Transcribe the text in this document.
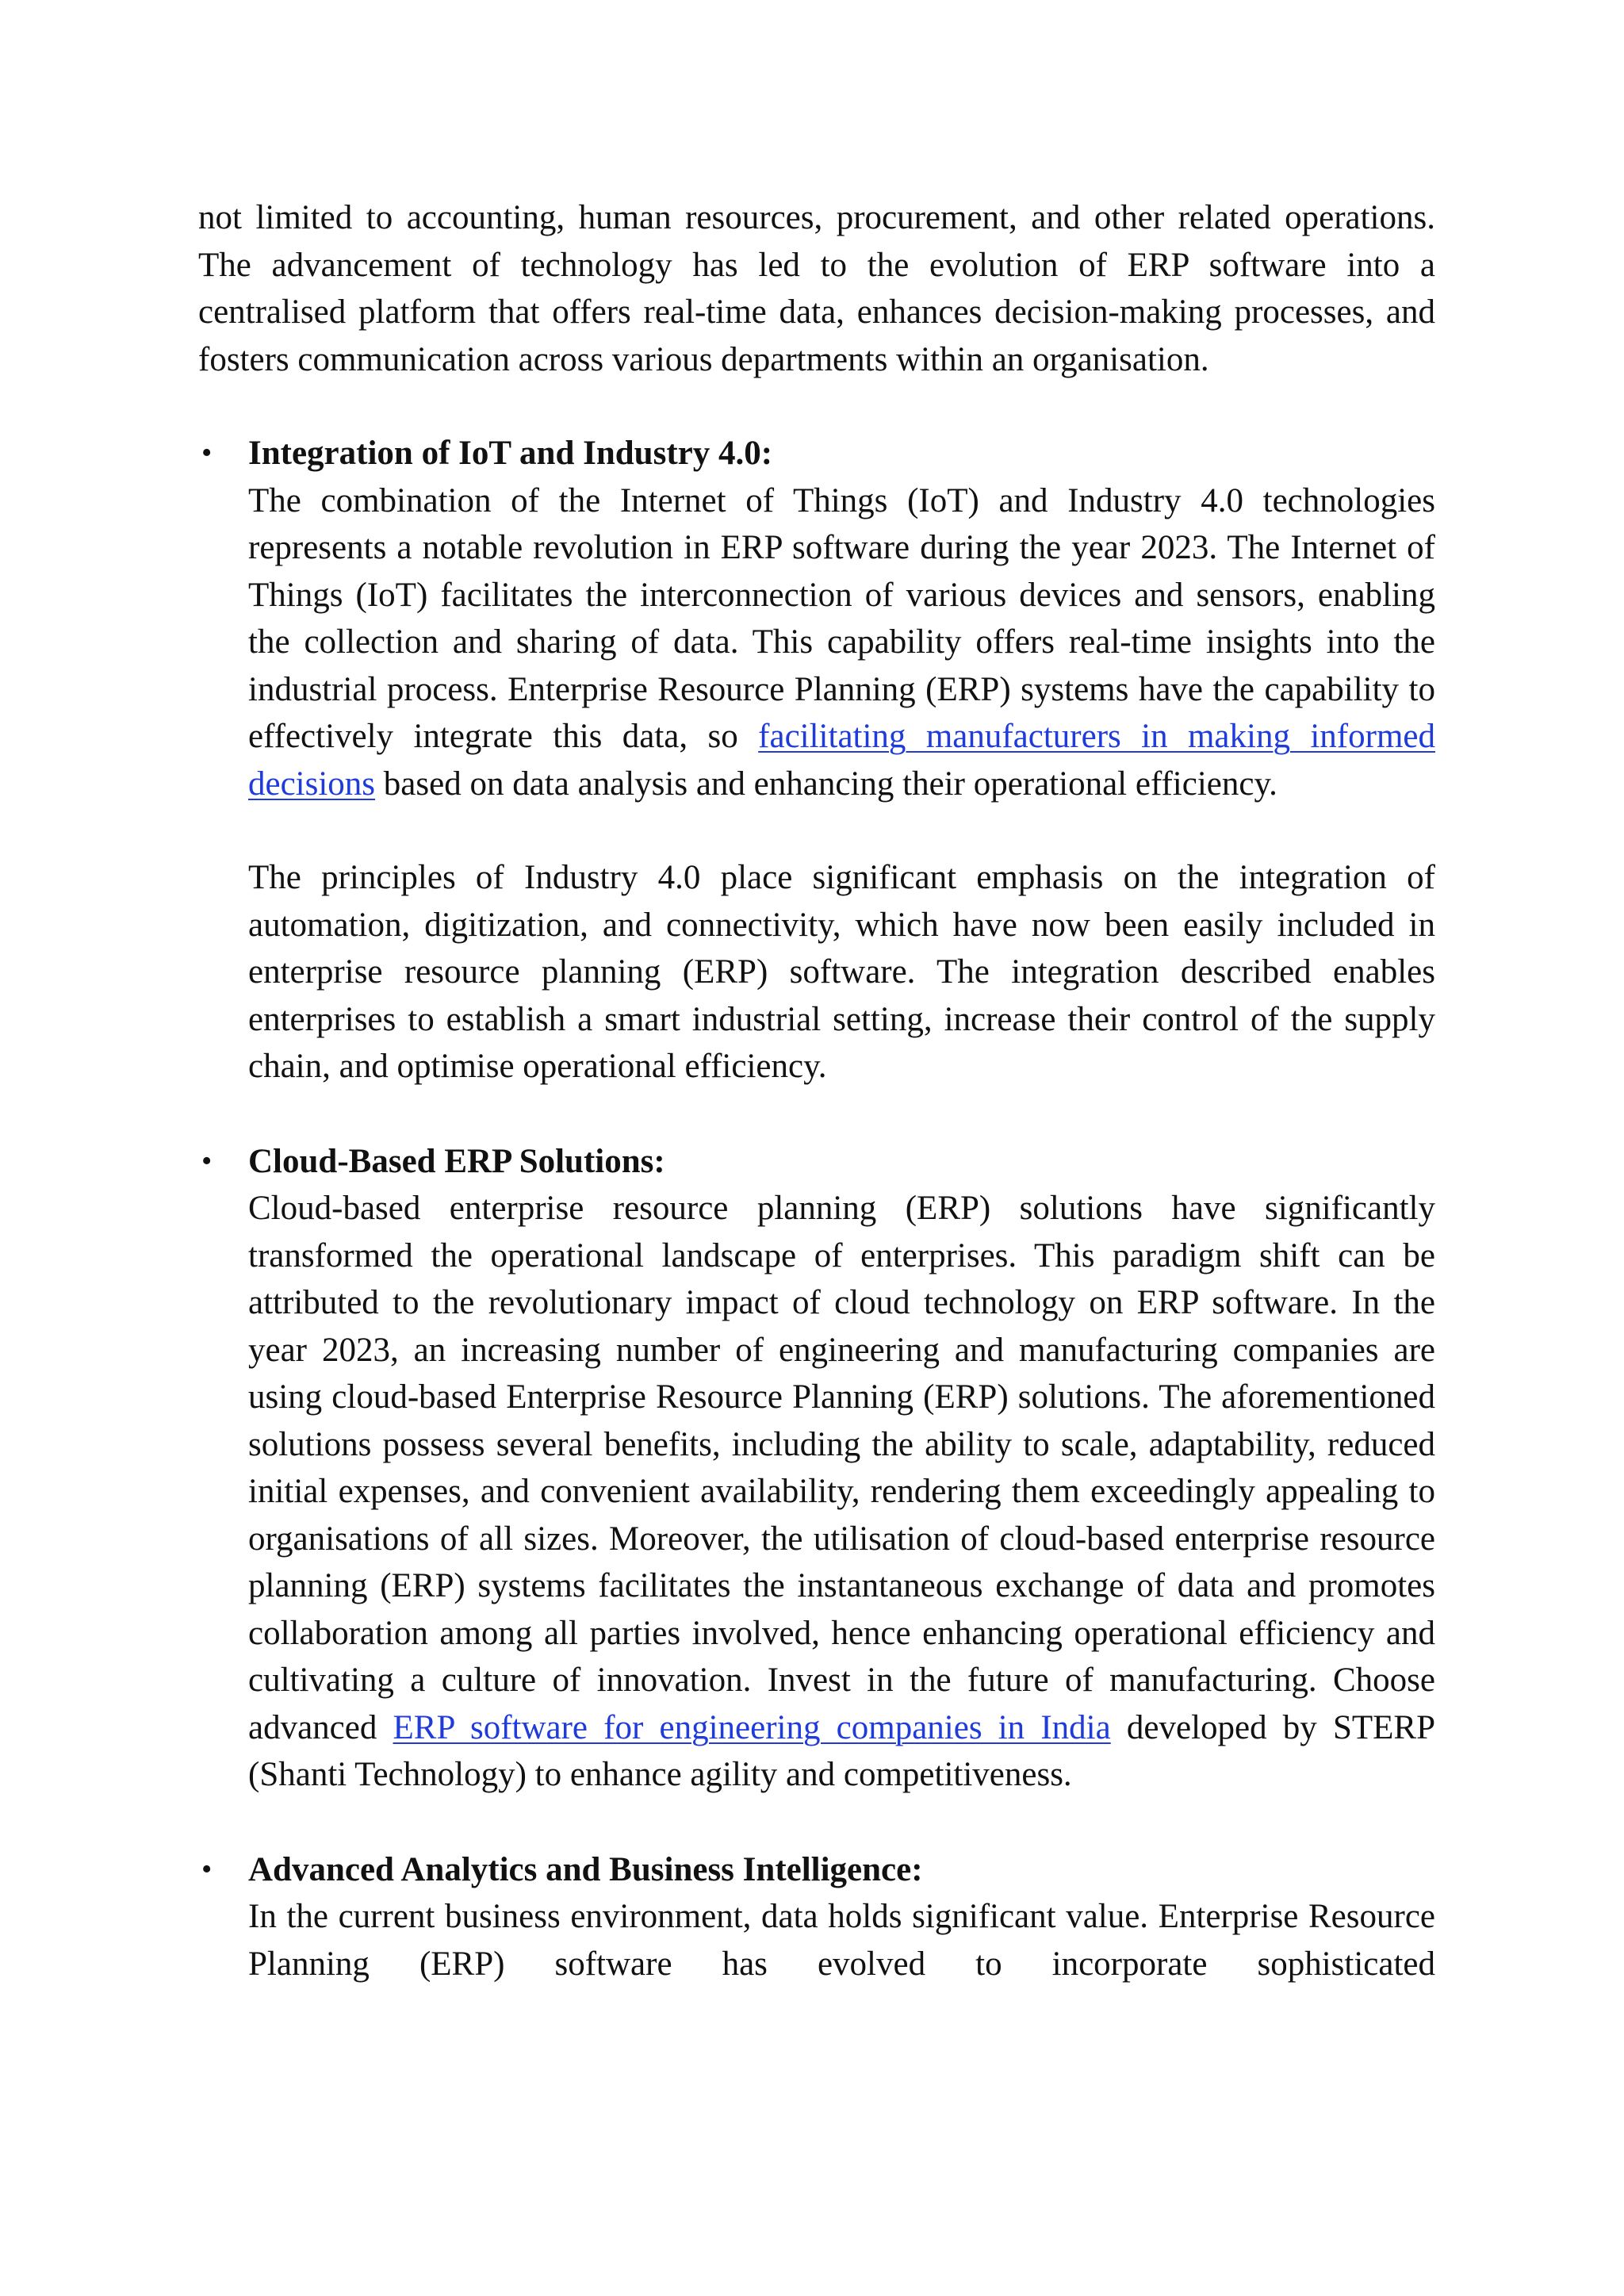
not limited to accounting, human resources, procurement, and other related operations. The advancement of technology has led to the evolution of ERP software into a centralised platform that offers real-time data, enhances decision-making processes, and fosters communication across various departments within an organisation.

•	Integration of IoT and Industry 4.0:

The combination of the Internet of Things (IoT) and Industry 4.0 technologies represents a notable revolution in ERP software during the year 2023. The Internet of Things (IoT) facilitates the interconnection of various devices and sensors, enabling the collection and sharing of data. This capability offers real-time insights into the industrial process. Enterprise Resource Planning (ERP) systems have the capability to effectively integrate this data, so facilitating manufacturers in making informed decisions based on data analysis and enhancing their operational efficiency.

The principles of Industry 4.0 place significant emphasis on the integration of automation, digitization, and connectivity, which have now been easily included in enterprise resource planning (ERP) software. The integration described enables enterprises to establish a smart industrial setting, increase their control of the supply chain, and optimise operational efficiency.

•	Cloud-Based ERP Solutions:

Cloud-based enterprise resource planning (ERP) solutions have significantly transformed the operational landscape of enterprises. This paradigm shift can be attributed to the revolutionary impact of cloud technology on ERP software. In the year 2023, an increasing number of engineering and manufacturing companies are using cloud-based Enterprise Resource Planning (ERP) solutions. The aforementioned solutions possess several benefits, including the ability to scale, adaptability, reduced initial expenses, and convenient availability, rendering them exceedingly appealing to organisations of all sizes. Moreover, the utilisation of cloud-based enterprise resource planning (ERP) systems facilitates the instantaneous exchange of data and promotes collaboration among all parties involved, hence enhancing operational efficiency and cultivating a culture of innovation. Invest in the future of manufacturing. Choose advanced ERP software for engineering companies in India developed by STERP (Shanti Technology) to enhance agility and competitiveness.

•	Advanced Analytics and Business Intelligence:

In the current business environment, data holds significant value. Enterprise Resource Planning (ERP) software has evolved to incorporate sophisticated
